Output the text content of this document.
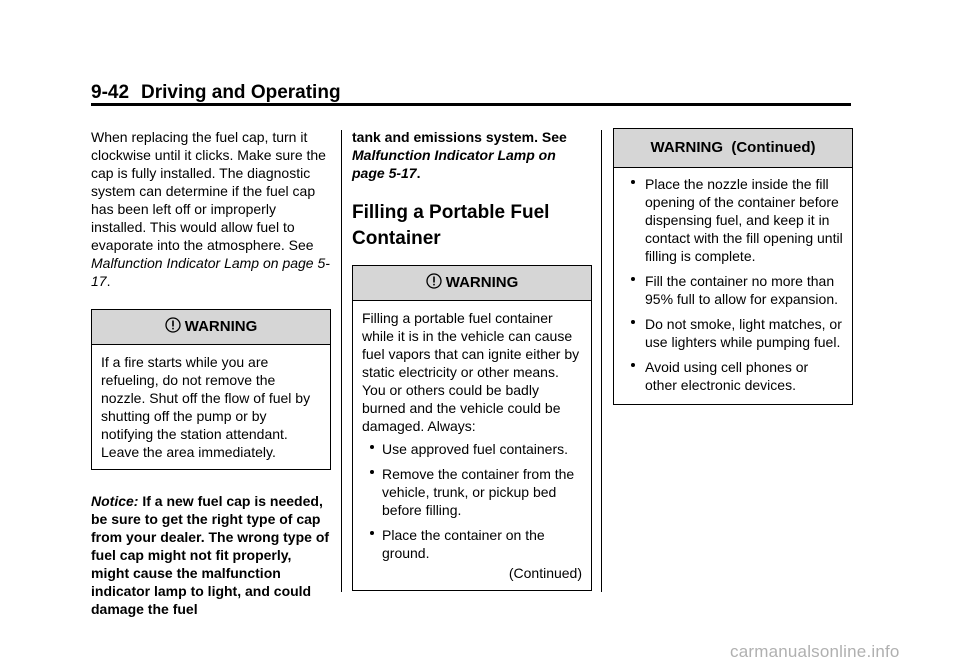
9-42 Driving and Operating

When replacing the fuel cap, turn it clockwise until it clicks. Make sure the cap is fully installed. The diagnostic system can determine if the fuel cap has been left off or improperly installed. This would allow fuel to evaporate into the atmosphere. See Malfunction Indicator Lamp on page 5-17.

WARNING
If a fire starts while you are refueling, do not remove the nozzle. Shut off the flow of fuel by shutting off the pump or by notifying the station attendant. Leave the area immediately.

Notice: If a new fuel cap is needed, be sure to get the right type of cap from your dealer. The wrong type of fuel cap might not fit properly, might cause the malfunction indicator lamp to light, and could damage the fuel

tank and emissions system. See Malfunction Indicator Lamp on page 5-17.

Filling a Portable Fuel Container
WARNING

Filling a portable fuel container while it is in the vehicle can cause fuel vapors that can ignite either by static electricity or other means. You or others could be badly burned and the vehicle could be damaged. Always:

Use approved fuel containers.
Remove the container from the vehicle, trunk, or pickup bed before filling.
Place the container on the ground.
(Continued)
WARNING  (Continued)
Place the nozzle inside the fill opening of the container before dispensing fuel, and keep it in contact with the fill opening until filling is complete.
Fill the container no more than 95% full to allow for expansion.
Do not smoke, light matches, or use lighters while pumping fuel.
Avoid using cell phones or other electronic devices.
carmanualsonline.info
